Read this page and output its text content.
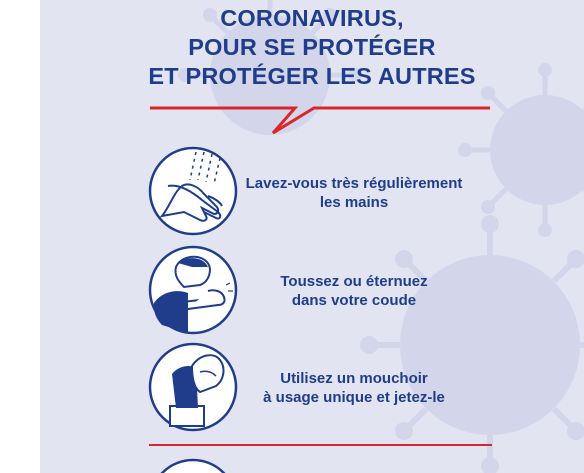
CORONAVIRUS,
POUR SE PROTÉGER
ET PROTÉGER LES AUTRES
Lavez-vous très régulièrement
les mains
Toussez ou éternuez
dans votre coude
Utilisez un mouchoir
à usage unique et jetez-le
